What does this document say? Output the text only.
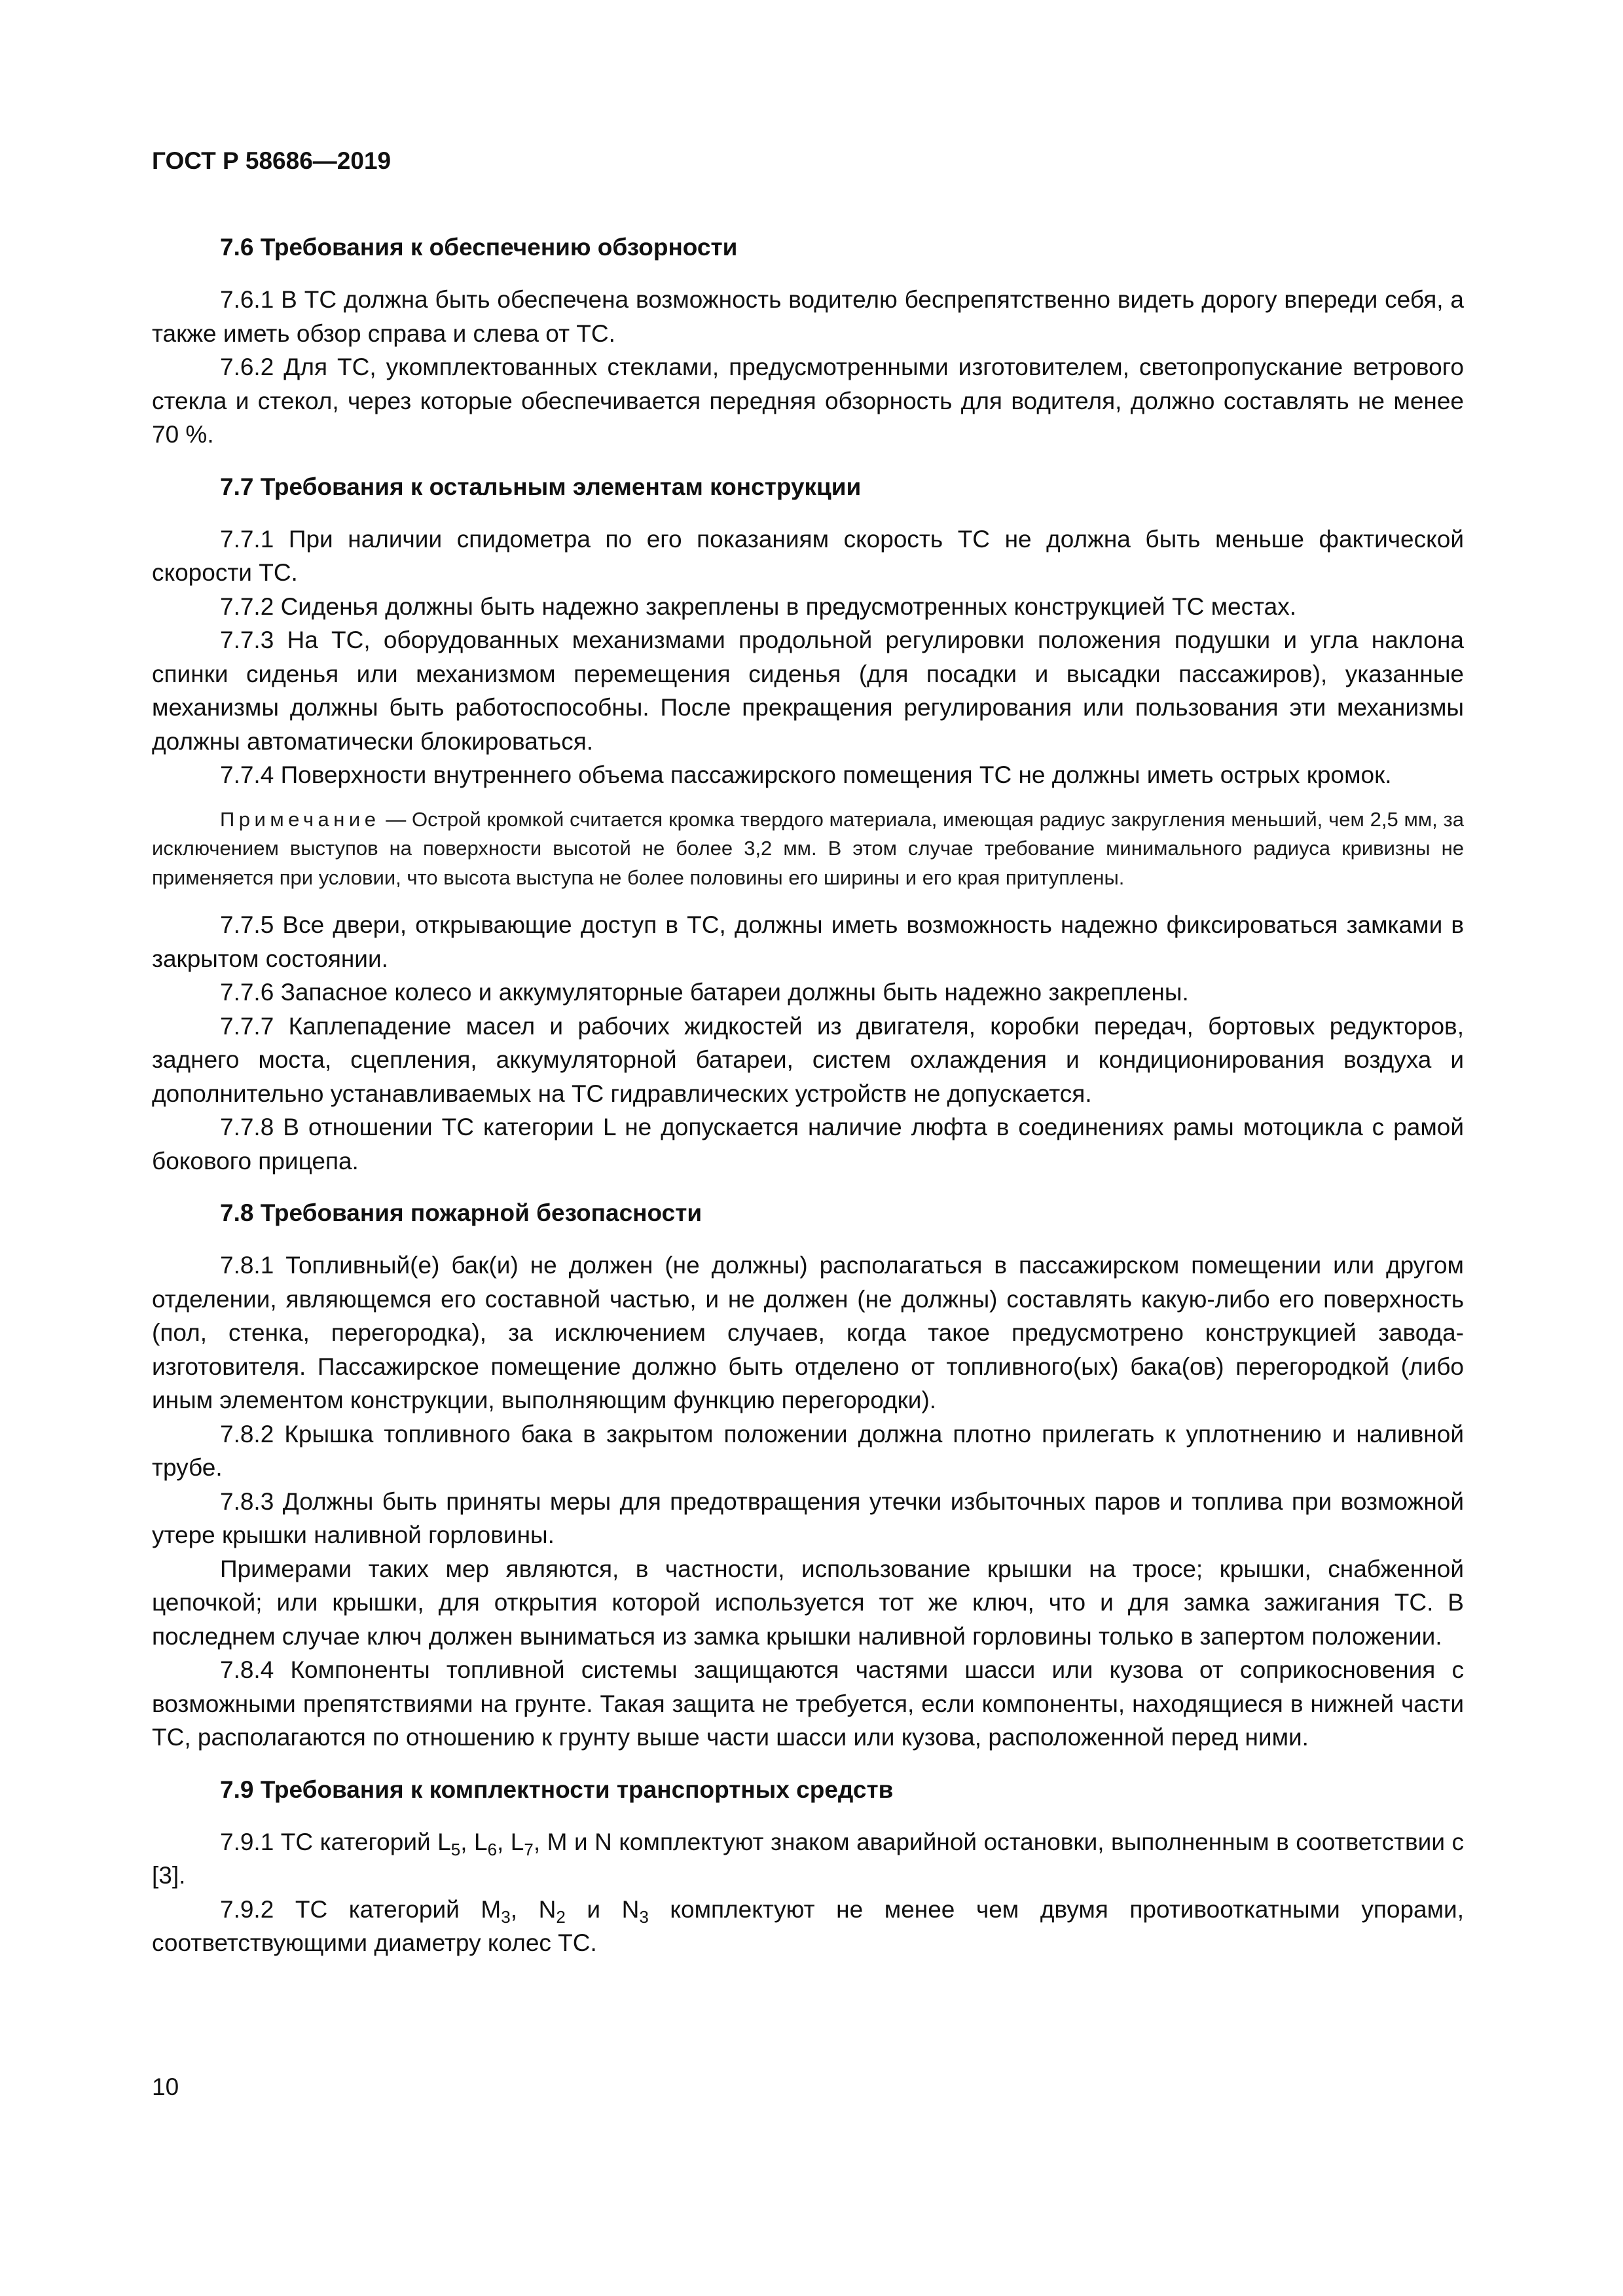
ГОСТ Р 58686—2019
7.6 Требования к обеспечению обзорности

7.6.1 В ТС должна быть обеспечена возможность водителю беспрепятственно видеть дорогу впереди себя, а также иметь обзор справа и слева от ТС.

7.6.2 Для ТС, укомплектованных стеклами, предусмотренными изготовителем, светопропускание ветрового стекла и стекол, через которые обеспечивается передняя обзорность для водителя, должно составлять не менее 70 %.

7.7 Требования к остальным элементам конструкции

7.7.1 При наличии спидометра по его показаниям скорость ТС не должна быть меньше фактической скорости ТС.

7.7.2 Сиденья должны быть надежно закреплены в предусмотренных конструкцией ТС местах.

7.7.3 На ТС, оборудованных механизмами продольной регулировки положения подушки и угла наклона спинки сиденья или механизмом перемещения сиденья (для посадки и высадки пассажиров), указанные механизмы должны быть работоспособны. После прекращения регулирования или пользования эти механизмы должны автоматически блокироваться.

7.7.4 Поверхности внутреннего объема пассажирского помещения ТС не должны иметь острых кромок.

Примечание — Острой кромкой считается кромка твердого материала, имеющая радиус закругления меньший, чем 2,5 мм, за исключением выступов на поверхности высотой не более 3,2 мм. В этом случае требование минимального радиуса кривизны не применяется при условии, что высота выступа не более половины его ширины и его края притуплены.

7.7.5 Все двери, открывающие доступ в ТС, должны иметь возможность надежно фиксироваться замками в закрытом состоянии.

7.7.6 Запасное колесо и аккумуляторные батареи должны быть надежно закреплены.

7.7.7 Каплепадение масел и рабочих жидкостей из двигателя, коробки передач, бортовых редукторов, заднего моста, сцепления, аккумуляторной батареи, систем охлаждения и кондиционирования воздуха и дополнительно устанавливаемых на ТС гидравлических устройств не допускается.

7.7.8 В отношении ТС категории L не допускается наличие люфта в соединениях рамы мотоцикла с рамой бокового прицепа.

7.8 Требования пожарной безопасности

7.8.1 Топливный(е) бак(и) не должен (не должны) располагаться в пассажирском помещении или другом отделении, являющемся его составной частью, и не должен (не должны) составлять какую-либо его поверхность (пол, стенка, перегородка), за исключением случаев, когда такое предусмотрено конструкцией завода-изготовителя. Пассажирское помещение должно быть отделено от топливного(ых) бака(ов) перегородкой (либо иным элементом конструкции, выполняющим функцию перегородки).

7.8.2 Крышка топливного бака в закрытом положении должна плотно прилегать к уплотнению и наливной трубе.

7.8.3 Должны быть приняты меры для предотвращения утечки избыточных паров и топлива при возможной утере крышки наливной горловины.

Примерами таких мер являются, в частности, использование крышки на тросе; крышки, снабженной цепочкой; или крышки, для открытия которой используется тот же ключ, что и для замка зажигания ТС. В последнем случае ключ должен выниматься из замка крышки наливной горловины только в запертом положении.

7.8.4 Компоненты топливной системы защищаются частями шасси или кузова от соприкосновения с возможными препятствиями на грунте. Такая защита не требуется, если компоненты, находящиеся в нижней части ТС, располагаются по отношению к грунту выше части шасси или кузова, расположенной перед ними.

7.9 Требования к комплектности транспортных средств

7.9.1 ТС категорий $L_5$, $L_6$, $L_7$, M и N комплектуют знаком аварийной остановки, выполненным в соответствии с [3].

7.9.2 ТС категорий $М_3$, $N_2$ и $N_3$ комплектуют не менее чем двумя противооткатными упорами, соответствующими диаметру колес ТС.

10
